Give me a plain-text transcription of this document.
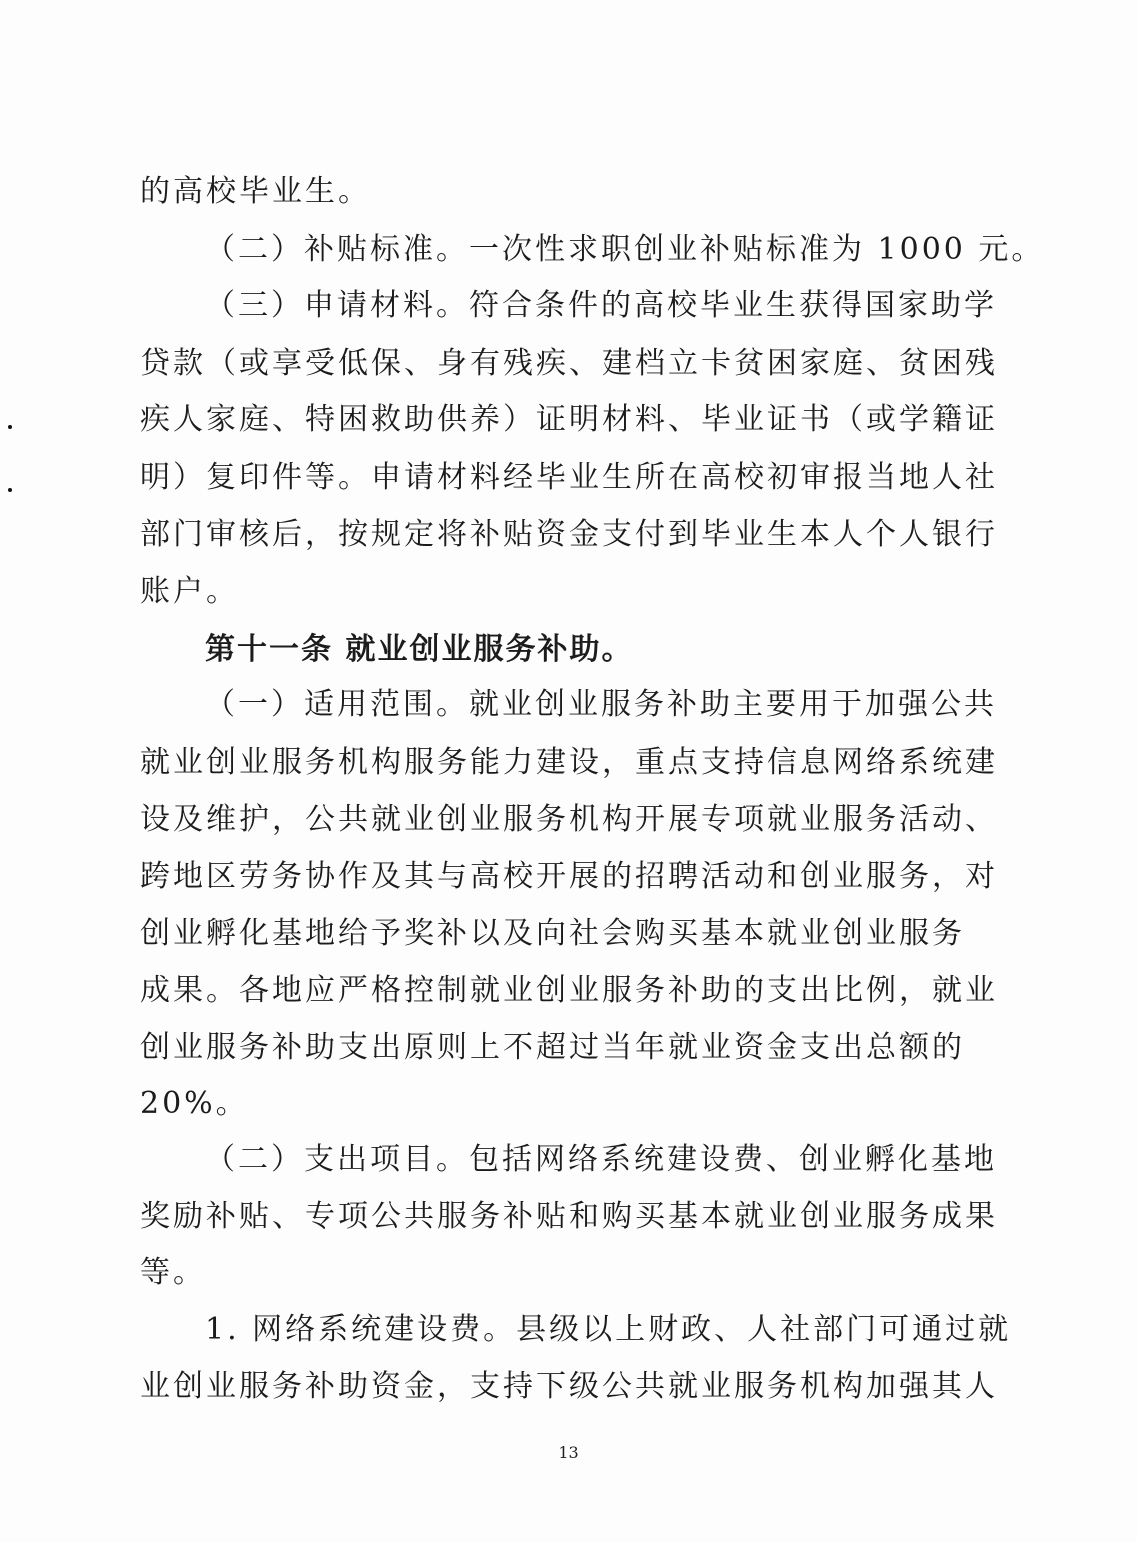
的高校毕业生。
（二）补贴标准。一次性求职创业补贴标准为 1000 元。
（三）申请材料。符合条件的高校毕业生获得国家助学
贷款（或享受低保、身有残疾、建档立卡贫困家庭、贫困残
疾人家庭、特困救助供养）证明材料、毕业证书（或学籍证
明）复印件等。申请材料经毕业生所在高校初审报当地人社
部门审核后，按规定将补贴资金支付到毕业生本人个人银行
账户。
第十一条 就业创业服务补助。
（一）适用范围。就业创业服务补助主要用于加强公共
就业创业服务机构服务能力建设，重点支持信息网络系统建
设及维护，公共就业创业服务机构开展专项就业服务活动、
跨地区劳务协作及其与高校开展的招聘活动和创业服务，对
创业孵化基地给予奖补以及向社会购买基本就业创业服务
成果。各地应严格控制就业创业服务补助的支出比例，就业
创业服务补助支出原则上不超过当年就业资金支出总额的
20%。
（二）支出项目。包括网络系统建设费、创业孵化基地
奖励补贴、专项公共服务补贴和购买基本就业创业服务成果
等。
1. 网络系统建设费。县级以上财政、人社部门可通过就
业创业服务补助资金，支持下级公共就业服务机构加强其人
13
